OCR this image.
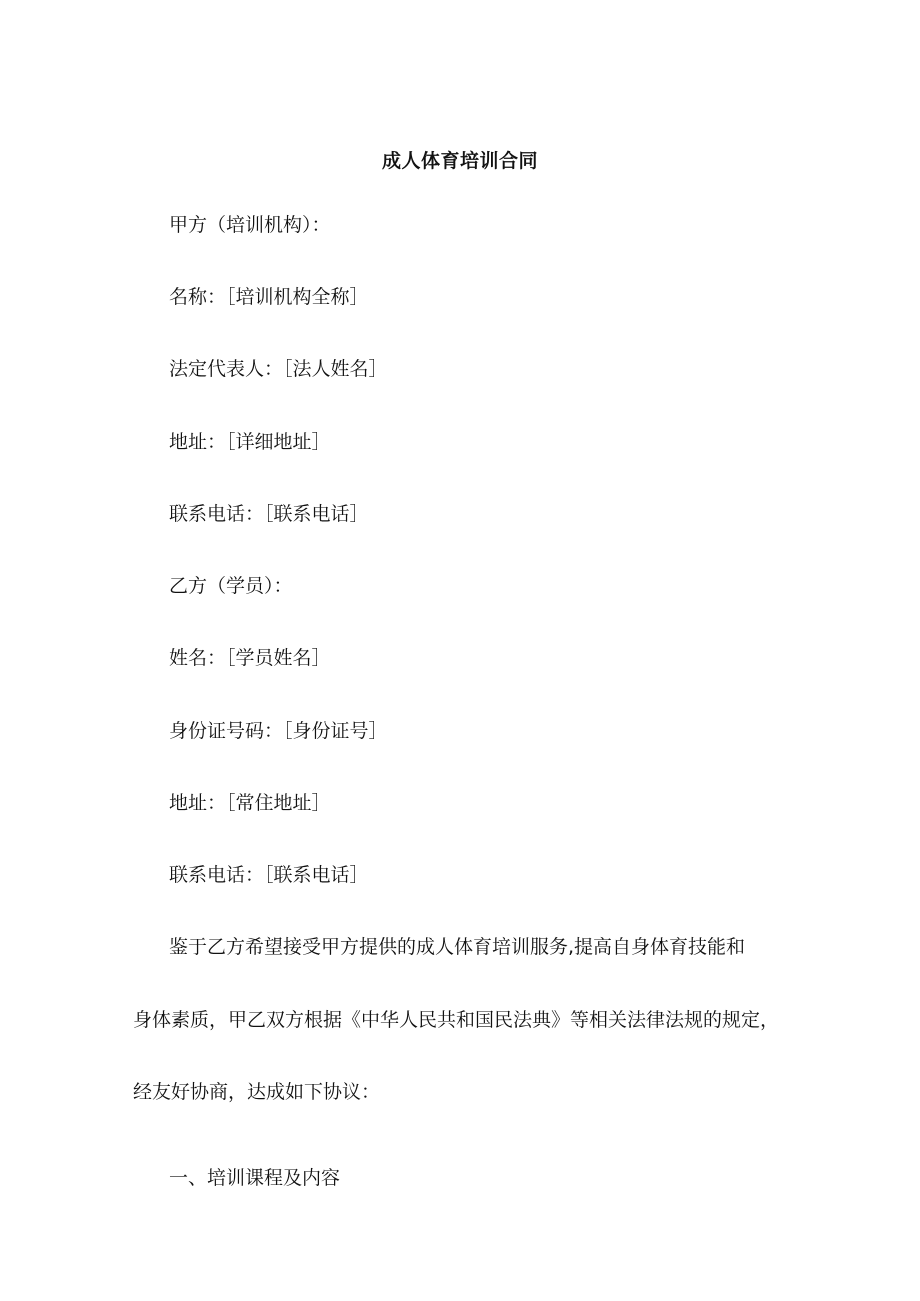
成人体育培训合同
甲方（培训机构）：
名称：［培训机构全称］
法定代表人：［法人姓名］
地址：［详细地址］
联系电话：［联系电话］
乙方（学员）：
姓名：［学员姓名］
身份证号码：［身份证号］
地址：［常住地址］
联系电话：［联系电话］
鉴于乙方希望接受甲方提供的成人体育培训服务,提高自身体育技能和
身体素质，甲乙双方根据《中华人民共和国民法典》等相关法律法规的规定，
经友好协商，达成如下协议：
一、培训课程及内容
